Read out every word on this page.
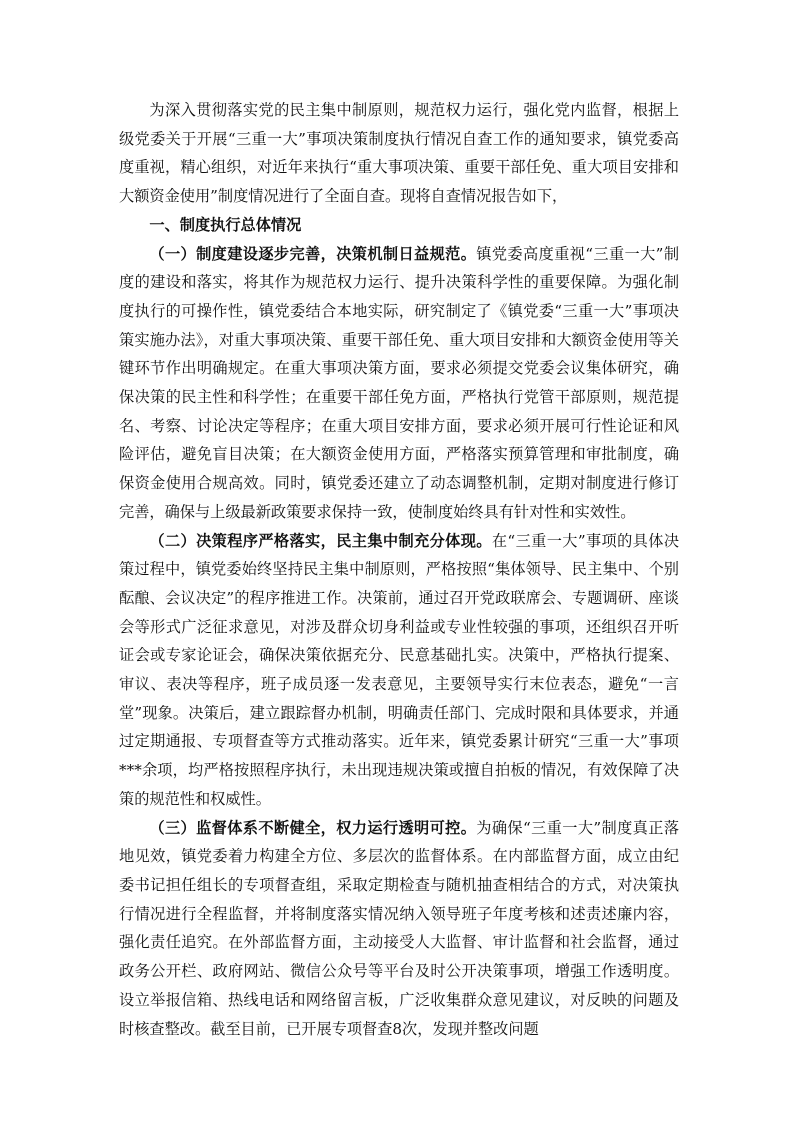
为深入贯彻落实党的民主集中制原则，规范权力运行，强化党内监督，根据上级党委关于开展“三重一大”事项决策制度执行情况自查工作的通知要求，镇党委高度重视，精心组织，对近年来执行“重大事项决策、重要干部任免、重大项目安排和大额资金使用”制度情况进行了全面自查。现将自查情况报告如下，

一、制度执行总体情况

（一）制度建设逐步完善，决策机制日益规范。镇党委高度重视“三重一大”制度的建设和落实，将其作为规范权力运行、提升决策科学性的重要保障。为强化制度执行的可操作性，镇党委结合本地实际，研究制定了《镇党委“三重一大”事项决策实施办法》，对重大事项决策、重要干部任免、重大项目安排和大额资金使用等关键环节作出明确规定。在重大事项决策方面，要求必须提交党委会议集体研究，确保决策的民主性和科学性；在重要干部任免方面，严格执行党管干部原则，规范提名、考察、讨论决定等程序；在重大项目安排方面，要求必须开展可行性论证和风险评估，避免盲目决策；在大额资金使用方面，严格落实预算管理和审批制度，确保资金使用合规高效。同时，镇党委还建立了动态调整机制，定期对制度进行修订完善，确保与上级最新政策要求保持一致，使制度始终具有针对性和实效性。

（二）决策程序严格落实，民主集中制充分体现。在“三重一大”事项的具体决策过程中，镇党委始终坚持民主集中制原则，严格按照“集体领导、民主集中、个别酝酿、会议决定”的程序推进工作。决策前，通过召开党政联席会、专题调研、座谈会等形式广泛征求意见，对涉及群众切身利益或专业性较强的事项，还组织召开听证会或专家论证会，确保决策依据充分、民意基础扎实。决策中，严格执行提案、审议、表决等程序，班子成员逐一发表意见，主要领导实行末位表态，避免“一言堂”现象。决策后，建立跟踪督办机制，明确责任部门、完成时限和具体要求，并通过定期通报、专项督查等方式推动落实。近年来，镇党委累计研究“三重一大”事项***余项，均严格按照程序执行，未出现违规决策或擅自拍板的情况，有效保障了决策的规范性和权威性。

（三）监督体系不断健全，权力运行透明可控。为确保“三重一大”制度真正落地见效，镇党委着力构建全方位、多层次的监督体系。在内部监督方面，成立由纪委书记担任组长的专项督查组，采取定期检查与随机抽查相结合的方式，对决策执行情况进行全程监督，并将制度落实情况纳入领导班子年度考核和述责述廉内容，强化责任追究。在外部监督方面，主动接受人大监督、审计监督和社会监督，通过政务公开栏、政府网站、微信公众号等平台及时公开决策事项，增强工作透明度。设立举报信箱、热线电话和网络留言板，广泛收集群众意见建议，对反映的问题及时核查整改。截至目前，已开展专项督查8次，发现并整改问题
